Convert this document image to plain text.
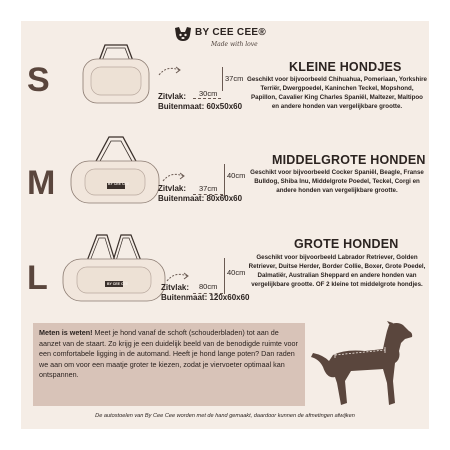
BY CEE CEE®
Made with love
S	37cm
30cm
Zitvlak:
Buitenmaat: 60x50x60
KLEINE HONDJES
Geschikt voor bijvoorbeeld Chihuahua, Pomeriaan, Yorkshire Terriër, Dwergpoedel, Kaninchen Teckel, Mopshond, Papillon, Cavalier King Charles Spaniël, Maltezer, Maltipoo en andere honden van vergelijkbare grootte.
M	BY CEE CEE
40cm
37cm
Zitvlak:
Buitenmaat: 80x60x60
MIDDELGROTE HONDEN
Geschikt voor bijvoorbeeld Cocker Spaniël, Beagle, Franse Bulldog, Shiba Inu, Middelgrote Poedel, Teckel, Corgi en andere honden van vergelijkbare grootte.
L	BY CEE CEE
40cm
80cm
Zitvlak:
Buitenmaat: 120x60x60
GROTE HONDEN
Geschikt voor bijvoorbeeld Labrador Retriever, Golden Retriever, Duitse Herder, Border Collie, Boxer, Grote Poedel, Dalmatiër, Australian Sheppard en andere honden van vergelijkbare grootte. OF 2 kleine tot middelgrote hondjes.
Meten is weten! Meet je hond vanaf de schoft (schouderbladen) tot aan de aanzet van de staart. Zo krijg je een duidelijk beeld van de benodigde ruimte voor een comfortabele ligging in de automand. Heeft je hond lange poten? Dan raden we aan om voor een maatje groter te kiezen, zodat je viervoeter optimaal kan ontspannen.
De autostoelen van By Cee Cee worden met de hand gemaakt, daardoor kunnen de afmetingen afwijken
